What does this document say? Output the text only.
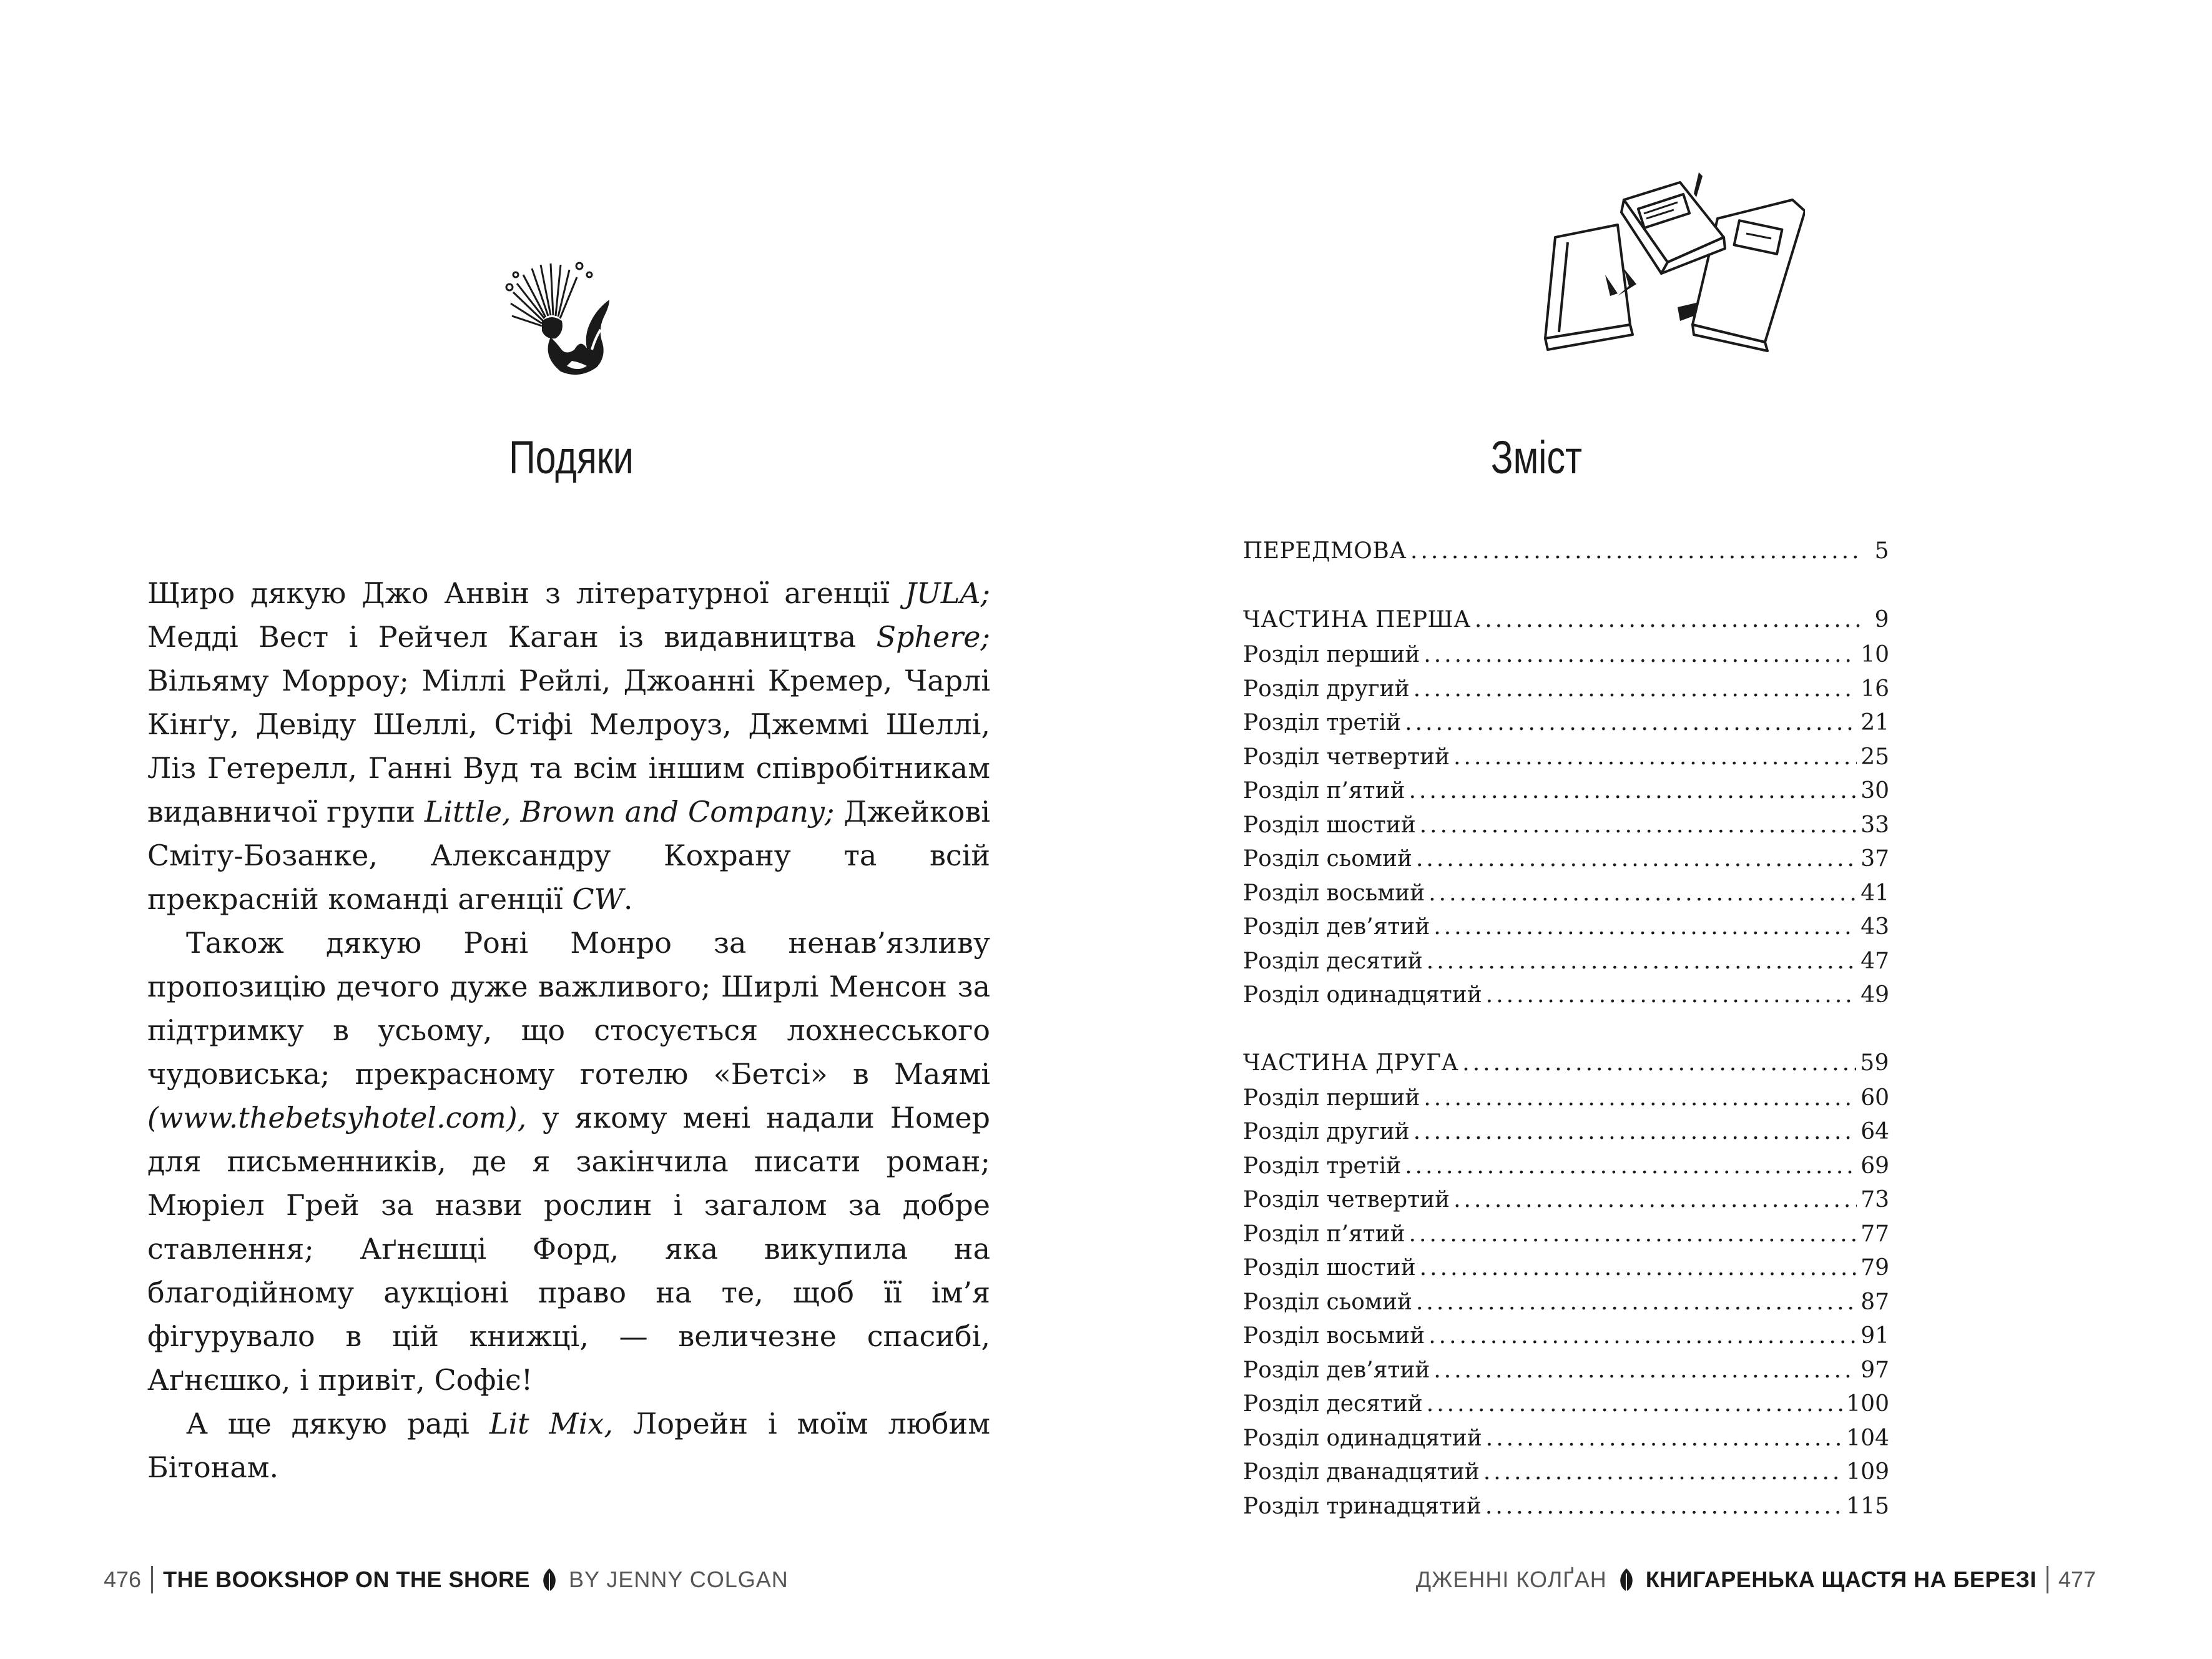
Подяки

Щиро дякую Джо Анвін з літературної агенції JULA; Медді Вест і Рейчел Каган із видавництва Sphere; Вільяму Морроу; Міллі Рейлі, Джоанні Кремер, Чарлі Кінґу, Девіду Шеллі, Стіфі Мелроуз, Джеммі Шеллі, Ліз Гетерелл, Ганні Вуд та всім іншим співробітникам видавничої групи Little, Brown and Company; Джейкові Сміту-Бозанке, Александру Кохрану та всій прекрасній команді агенції CW.

Також дякую Роні Монро за ненав’язливу пропозицію дечого дуже важливого; Ширлі Менсон за підтримку в усьому, що стосується лохнесського чудовиська; прекрасному готелю «Бетсі» в Маямі (www.thebetsyhotel.com), у якому мені надали Номер для письменників, де я закінчила писати роман; Мюріел Грей за назви рослин і загалом за добре ставлення; Аґнєшці Форд, яка викупила на благодійному аукціоні право на те, щоб її ім’я фігурувало в цій книжці, — величезне спасибі, Аґнєшко, і привіт, Софіє!

А ще дякую раді Lit Mix, Лорейн і моїм любим Бітонам.

476 THE BOOKSHOP ON THE SHORE BY JENNY COLGAN
Зміст
ПЕРЕДМОВА .....	5
ЧАСТИНА ПЕРША .....	9
Розділ перший .....	10
Розділ другий .....	16
Розділ третій .....	21
Розділ четвертий .....	25
Розділ п’ятий .....	30
Розділ шостий .....	33
Розділ сьомий .....	37
Розділ восьмий .....	41
Розділ дев’ятий .....	43
Розділ десятий .....	47
Розділ одинадцятий .....	49
ЧАСТИНА ДРУГА .....	59
Розділ перший .....	60
Розділ другий .....	64
Розділ третій .....	69
Розділ четвертий .....	73
Розділ п’ятий .....	77
Розділ шостий .....	79
Розділ сьомий .....	87
Розділ восьмий .....	91
Розділ дев’ятий .....	97
Розділ десятий .....	100
Розділ одинадцятий .....	104
Розділ дванадцятий .....	109
Розділ тринадцятий .....	115
ДЖЕННІ КОЛҐАН КНИГАРЕНЬКА ЩАСТЯ НА БЕРЕЗІ 477
